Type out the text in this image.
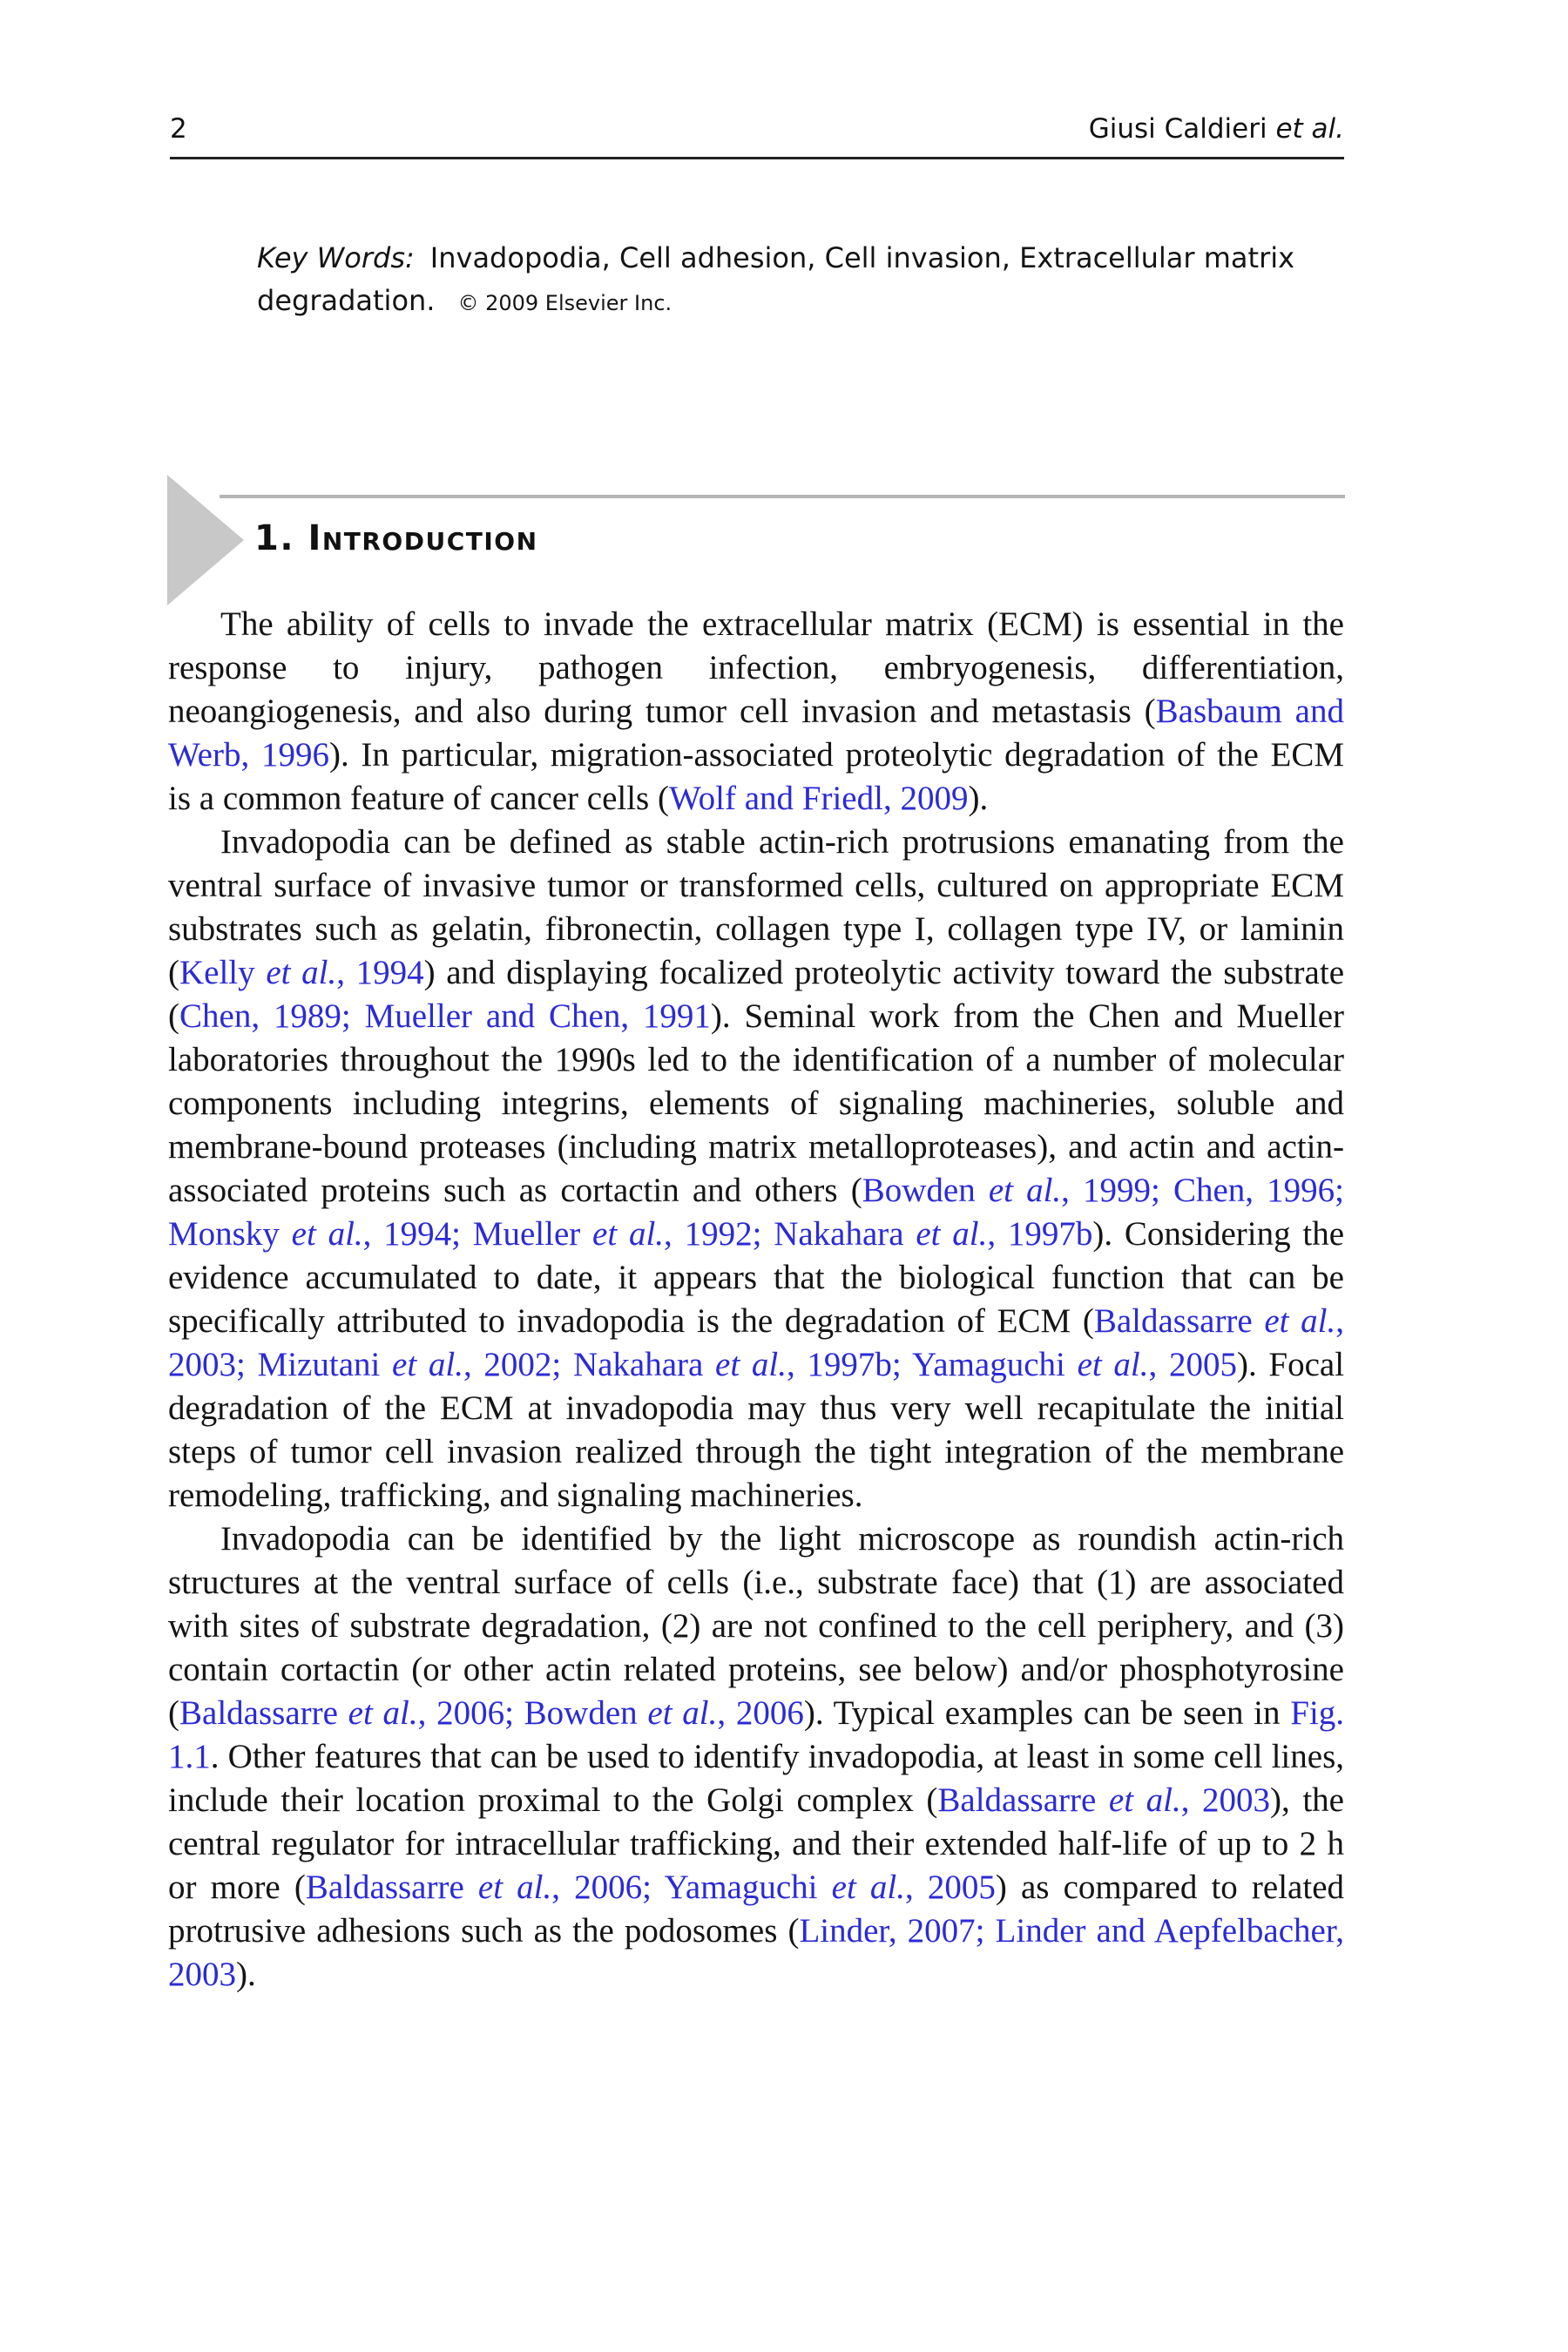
2	Giusi Caldieri et al.
Key Words: Invadopodia, Cell adhesion, Cell invasion, Extracellular matrix degradation. © 2009 Elsevier Inc.
1. Introduction

The ability of cells to invade the extracellular matrix (ECM) is essential in the response to injury, pathogen infection, embryogenesis, differentiation, neoangiogenesis, and also during tumor cell invasion and metastasis (Basbaum and Werb, 1996). In particular, migration-associated proteolytic degradation of the ECM is a common feature of cancer cells (Wolf and Friedl, 2009).

Invadopodia can be defined as stable actin-rich protrusions emanating from the ventral surface of invasive tumor or transformed cells, cultured on appropriate ECM substrates such as gelatin, fibronectin, collagen type I, collagen type IV, or laminin (Kelly et al., 1994) and displaying focalized proteolytic activity toward the substrate (Chen, 1989; Mueller and Chen, 1991). Seminal work from the Chen and Mueller laboratories throughout the 1990s led to the identification of a number of molecular components including integrins, elements of signaling machineries, soluble and membrane-bound proteases (including matrix metalloproteases), and actin and actin-associated proteins such as cortactin and others (Bowden et al., 1999; Chen, 1996; Monsky et al., 1994; Mueller et al., 1992; Nakahara et al., 1997b). Considering the evidence accumulated to date, it appears that the biological function that can be specifically attributed to invadopodia is the degradation of ECM (Baldassarre et al., 2003; Mizutani et al., 2002; Nakahara et al., 1997b; Yamaguchi et al., 2005). Focal degradation of the ECM at invadopodia may thus very well recapitulate the initial steps of tumor cell invasion realized through the tight integration of the membrane remodeling, trafficking, and signaling machineries.

Invadopodia can be identified by the light microscope as roundish actin-rich structures at the ventral surface of cells (i.e., substrate face) that (1) are associated with sites of substrate degradation, (2) are not confined to the cell periphery, and (3) contain cortactin (or other actin related proteins, see below) and/or phosphotyrosine (Baldassarre et al., 2006; Bowden et al., 2006). Typical examples can be seen in Fig. 1.1. Other features that can be used to identify invadopodia, at least in some cell lines, include their location proximal to the Golgi complex (Baldassarre et al., 2003), the central regulator for intracellular trafficking, and their extended half-life of up to 2 h or more (Baldassarre et al., 2006; Yamaguchi et al., 2005) as compared to related protrusive adhesions such as the podosomes (Linder, 2007; Linder and Aepfelbacher, 2003).
